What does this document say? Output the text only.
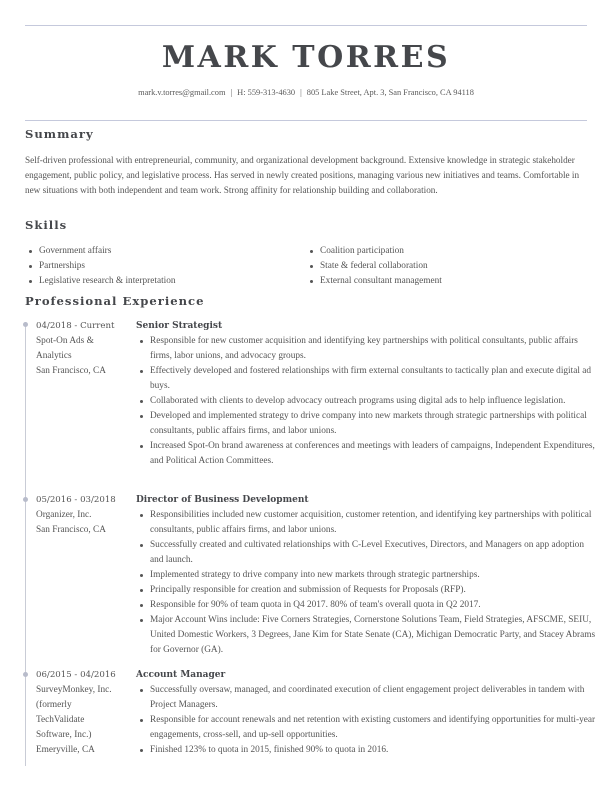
MARK TORRES
mark.v.torres@gmail.com | H: 559-313-4630 | 805 Lake Street, Apt. 3, San Francisco, CA 94118
Summary

Self-driven professional with entrepreneurial, community, and organizational development background. Extensive knowledge in strategic stakeholder engagement, public policy, and legislative process. Has served in newly created positions, managing various new initiatives and teams. Comfortable in new situations with both independent and team work. Strong affinity for relationship building and collaboration.

Skills
Government affairs
Partnerships
Legislative research & interpretation
Coalition participation
State & federal collaboration
External consultant management
Professional Experience
04/2018 - Current
Spot-On Ads &
Analytics
San Francisco, CA
Senior Strategist
Responsible for new customer acquisition and identifying key partnerships with political consultants, public affairs firms, labor unions, and advocacy groups.
Effectively developed and fostered relationships with firm external consultants to tactically plan and execute digital ad buys.
Collaborated with clients to develop advocacy outreach programs using digital ads to help influence legislation.
Developed and implemented strategy to drive company into new markets through strategic partnerships with political consultants, public affairs firms, and labor unions.
Increased Spot-On brand awareness at conferences and meetings with leaders of campaigns, Independent Expenditures, and Political Action Committees.
05/2016 - 03/2018
Organizer, Inc.
San Francisco, CA
Director of Business Development
Responsibilities included new customer acquisition, customer retention, and identifying key partnerships with political consultants, public affairs firms, and labor unions.
Successfully created and cultivated relationships with C-Level Executives, Directors, and Managers on app adoption and launch.
Implemented strategy to drive company into new markets through strategic partnerships.
Principally responsible for creation and submission of Requests for Proposals (RFP).
Responsible for 90% of team quota in Q4 2017. 80% of team's overall quota in Q2 2017.
Major Account Wins include: Five Corners Strategies, Cornerstone Solutions Team, Field Strategies, AFSCME, SEIU, United Domestic Workers, 3 Degrees, Jane Kim for State Senate (CA), Michigan Democratic Party, and Stacey Abrams for Governor (GA).
06/2015 - 04/2016
SurveyMonkey, Inc.
(formerly
TechValidate
Software, Inc.)
Emeryville, CA
Account Manager
Successfully oversaw, managed, and coordinated execution of client engagement project deliverables in tandem with Project Managers.
Responsible for account renewals and net retention with existing customers and identifying opportunities for multi-year engagements, cross-sell, and up-sell opportunities.
Finished 123% to quota in 2015, finished 90% to quota in 2016.
